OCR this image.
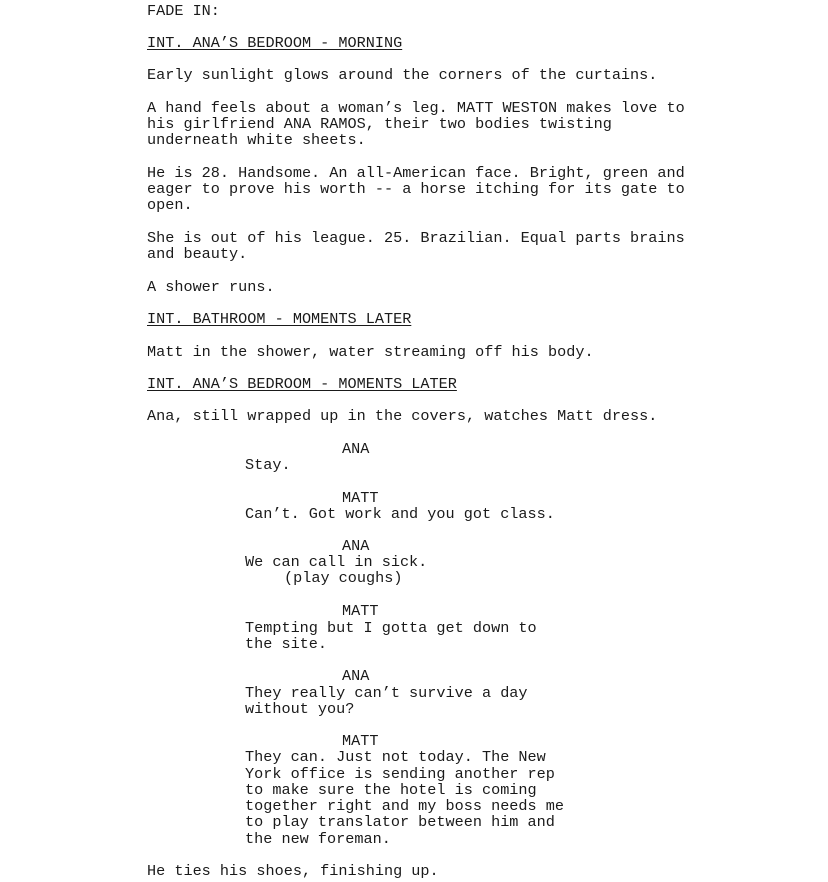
FADE IN:
INT. ANA’S BEDROOM - MORNING
Early sunlight glows around the corners of the curtains.
A hand feels about a woman’s leg. MATT WESTON makes love to
his girlfriend ANA RAMOS, their two bodies twisting
underneath white sheets.
He is 28. Handsome. An all-American face. Bright, green and
eager to prove his worth -- a horse itching for its gate to
open.
She is out of his league. 25. Brazilian. Equal parts brains
and beauty.
A shower runs.
INT. BATHROOM - MOMENTS LATER
Matt in the shower, water streaming off his body.
INT. ANA’S BEDROOM - MOMENTS LATER
Ana, still wrapped up in the covers, watches Matt dress.
ANA
Stay.
MATT
Can’t. Got work and you got class.
ANA
We can call in sick.
(play coughs)
MATT
Tempting but I gotta get down to
the site.
ANA
They really can’t survive a day
without you?
MATT
They can. Just not today. The New
York office is sending another rep
to make sure the hotel is coming
together right and my boss needs me
to play translator between him and
the new foreman.
He ties his shoes, finishing up.
